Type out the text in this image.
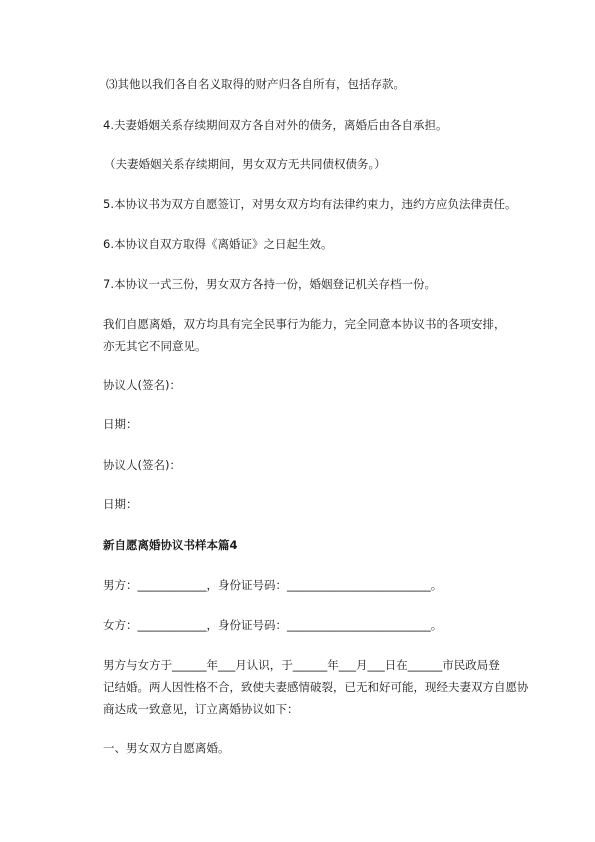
⑶其他以我们各自名义取得的财产归各自所有，包括存款。
4.夫妻婚姻关系存续期间双方各自对外的债务，离婚后由各自承担。
（夫妻婚姻关系存续期间，男女双方无共同债权债务。）
5.本协议书为双方自愿签订，对男女双方均有法律约束力，违约方应负法律责任。
6.本协议自双方取得《离婚证》之日起生效。
7.本协议一式三份，男女双方各持一份，婚姻登记机关存档一份。
我们自愿离婚，双方均具有完全民事行为能力，完全同意本协议书的各项安排，
亦无其它不同意见。
协议人(签名)：
日期：
协议人(签名)：
日期：
新自愿离婚协议书样本篇4
男方：____________，身份证号码：_________________________。
女方：____________，身份证号码：_________________________。
男方与女方于______年___月认识，于______年___月___日在______市民政局登
记结婚。两人因性格不合，致使夫妻感情破裂，已无和好可能，现经夫妻双方自愿协
商达成一致意见，订立离婚协议如下：
一、男女双方自愿离婚。
